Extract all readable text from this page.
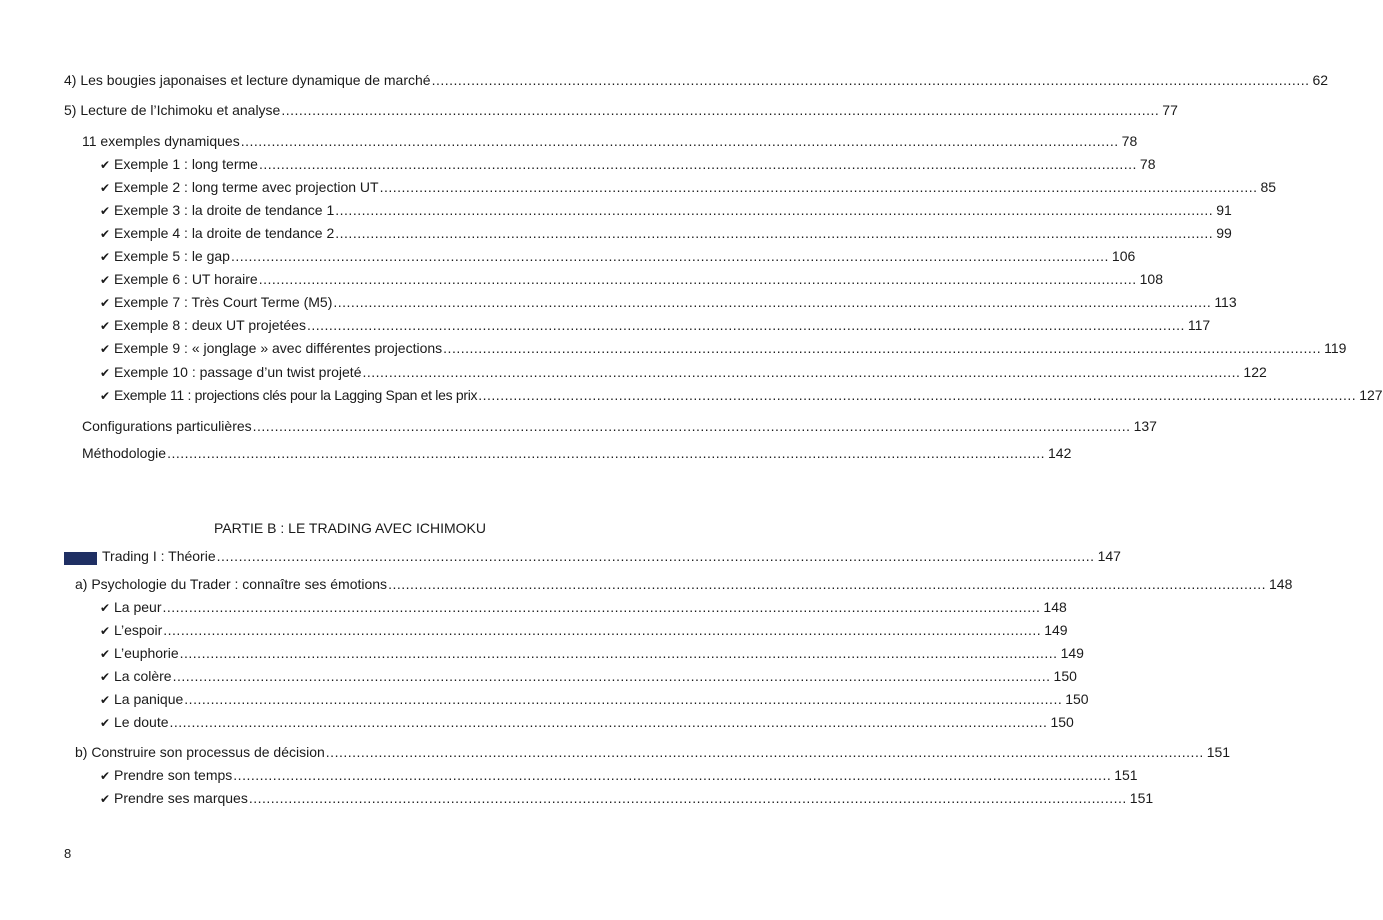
4) Les bougies japonaises et lecture dynamique de marché ........................................................................................................................................................................................................ 62
5) Lecture de l’Ichimoku et analyse ........................................................................................................................................................................................................ 77
11 exemples dynamiques ........................................................................................................................................................................................................ 78
✔ Exemple 1 : long terme ........................................................................................................................................................................................................ 78
✔ Exemple 2 : long terme avec projection UT ........................................................................................................................................................................................................ 85
✔ Exemple 3 : la droite de tendance 1 ........................................................................................................................................................................................................ 91
✔ Exemple 4 : la droite de tendance 2 ........................................................................................................................................................................................................ 99
✔ Exemple 5 : le gap ........................................................................................................................................................................................................ 106
✔ Exemple 6 : UT horaire ........................................................................................................................................................................................................ 108
✔ Exemple 7 : Très Court Terme (M5) ........................................................................................................................................................................................................ 113
✔ Exemple 8 : deux UT projetées ........................................................................................................................................................................................................ 117
✔ Exemple 9 : « jonglage » avec différentes projections ........................................................................................................................................................................................................ 119
✔ Exemple 10 : passage d’un twist projeté ........................................................................................................................................................................................................ 122
✔ Exemple 11 : projections clés pour la Lagging Span et les prix ........................................................................................................................................................................................................ 127
Configurations particulières ........................................................................................................................................................................................................ 137
Méthodologie ........................................................................................................................................................................................................ 142
PARTIE B : LE TRADING AVEC ICHIMOKU
Trading I : Théorie ........................................................................................................................................................................................................ 147
a) Psychologie du Trader : connaître ses émotions ........................................................................................................................................................................................................ 148
✔ La peur ........................................................................................................................................................................................................ 148
✔ L’espoir ........................................................................................................................................................................................................ 149
✔ L’euphorie ........................................................................................................................................................................................................ 149
✔ La colère ........................................................................................................................................................................................................ 150
✔ La panique ........................................................................................................................................................................................................ 150
✔ Le doute ........................................................................................................................................................................................................ 150
b) Construire son processus de décision ........................................................................................................................................................................................................ 151
✔ Prendre son temps ........................................................................................................................................................................................................ 151
✔ Prendre ses marques ........................................................................................................................................................................................................ 151
8
